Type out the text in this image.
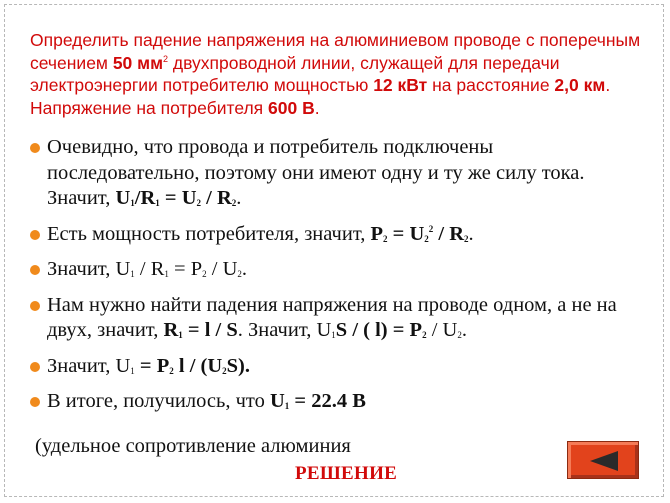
Определить падение напряжения на алюминиевом проводе с поперечным сечением 50 $мм^2$ двухпроводной линии, служащей для передачи электроэнергии потребителю мощностью 12 кВт на расстояние 2,0 км. Напряжение на потребителя 600 В.

Очевидно, что провода и потребитель подключены последовательно, поэтому они имеют одну и ту же силу тока. Значит, $U_1/R_1 = U_2 / R_2$.
Есть мощность потребителя, значит, $P_2 = U_2^2 / R_2$.
Значит, $U_1 / R_1 = P_2 / U_2$.
Нам нужно найти падения напряжения на проводе одном, а не на двух, значит, $R_1 = l / S$. Значит, $U_1S$ / ( $l) = P_2 / U_2$.
Значит, $U_1 = P_2$ l / $(U_2S)$.
В итоге, получилось, что $U_1 = 22.4$ В
(удельное сопротивление алюминия
РЕШЕНИЕ
